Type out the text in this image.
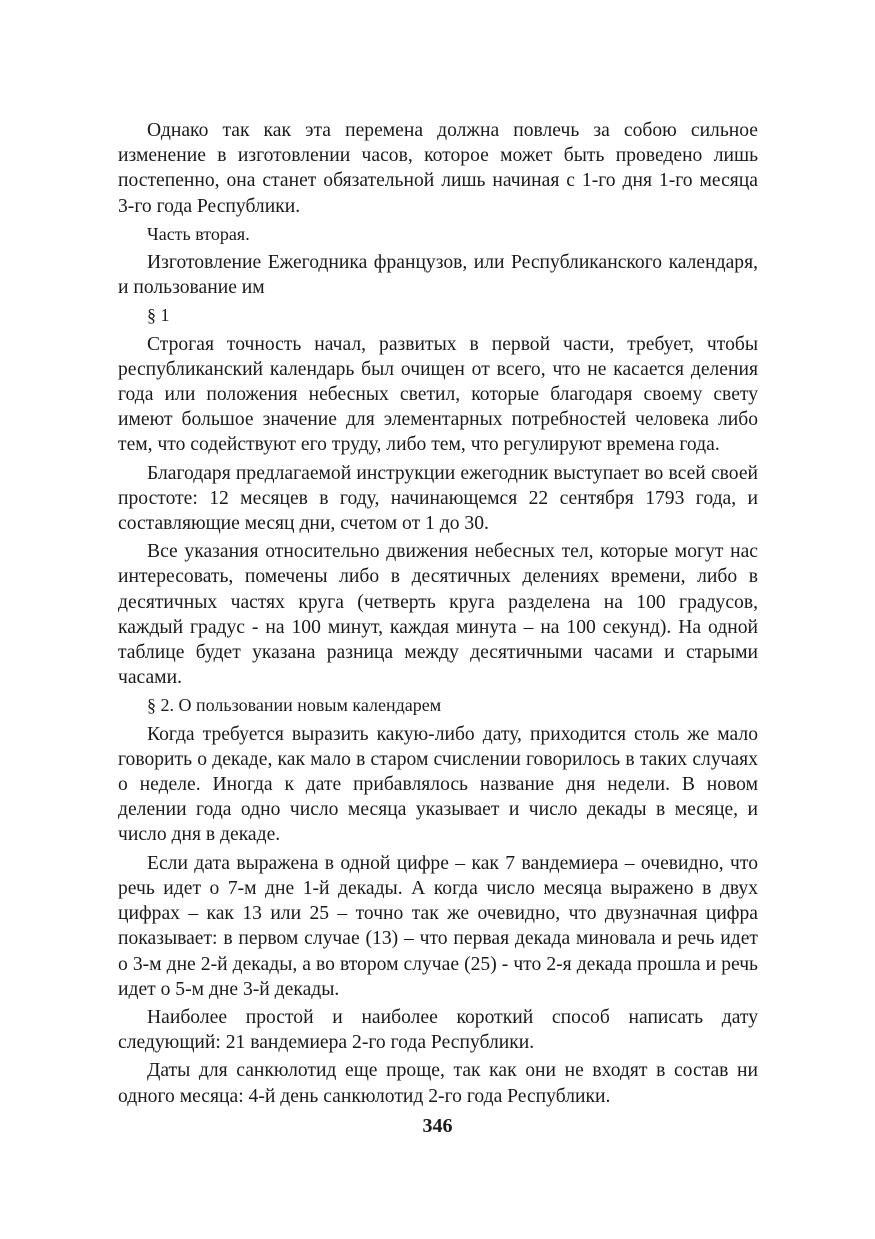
Однако так как эта перемена должна повлечь за собою сильное изменение в изготовлении часов, которое может быть проведено лишь постепенно, она станет обязательной лишь начиная с 1-го дня 1-го месяца 3-го года Республики.

Часть вторая.

Изготовление Ежегодника французов, или Республиканского календаря, и пользование им

§ 1

Строгая точность начал, развитых в первой части, требует, чтобы республиканский календарь был очищен от всего, что не касается деления года или положения небесных светил, которые благодаря своему свету имеют большое значение для элементарных потребностей человека либо тем, что содействуют его труду, либо тем, что регулируют времена года.

Благодаря предлагаемой инструкции ежегодник выступает во всей своей простоте: 12 месяцев в году, начинающемся 22 сентября 1793 года, и составляющие месяц дни, счетом от 1 до 30.

Все указания относительно движения небесных тел, которые могут нас интересовать, помечены либо в десятичных делениях времени, либо в десятичных частях круга (четверть круга разделена на 100 градусов, каждый градус - на 100 минут, каждая минута – на 100 секунд). На одной таблице будет указана разница между десятичными часами и старыми часами.

§ 2. О пользовании новым календарем

Когда требуется выразить какую-либо дату, приходится столь же мало говорить о декаде, как мало в старом счислении говорилось в таких случаях о неделе. Иногда к дате прибавлялось название дня недели. В новом делении года одно число месяца указывает и число декады в месяце, и число дня в декаде.

Если дата выражена в одной цифре – как 7 вандемиера – очевидно, что речь идет о 7-м дне 1-й декады. А когда число месяца выражено в двух цифрах – как 13 или 25 – точно так же очевидно, что двузначная цифра показывает: в первом случае (13) – что первая декада миновала и речь идет о 3-м дне 2-й декады, а во втором случае (25) - что 2-я декада прошла и речь идет о 5-м дне 3-й декады.

Наиболее простой и наиболее короткий способ написать дату следующий: 21 вандемиера 2-го года Республики.

Даты для санкюлотид еще проще, так как они не входят в состав ни одного месяца: 4-й день санкюлотид 2-го года Республики.

346
